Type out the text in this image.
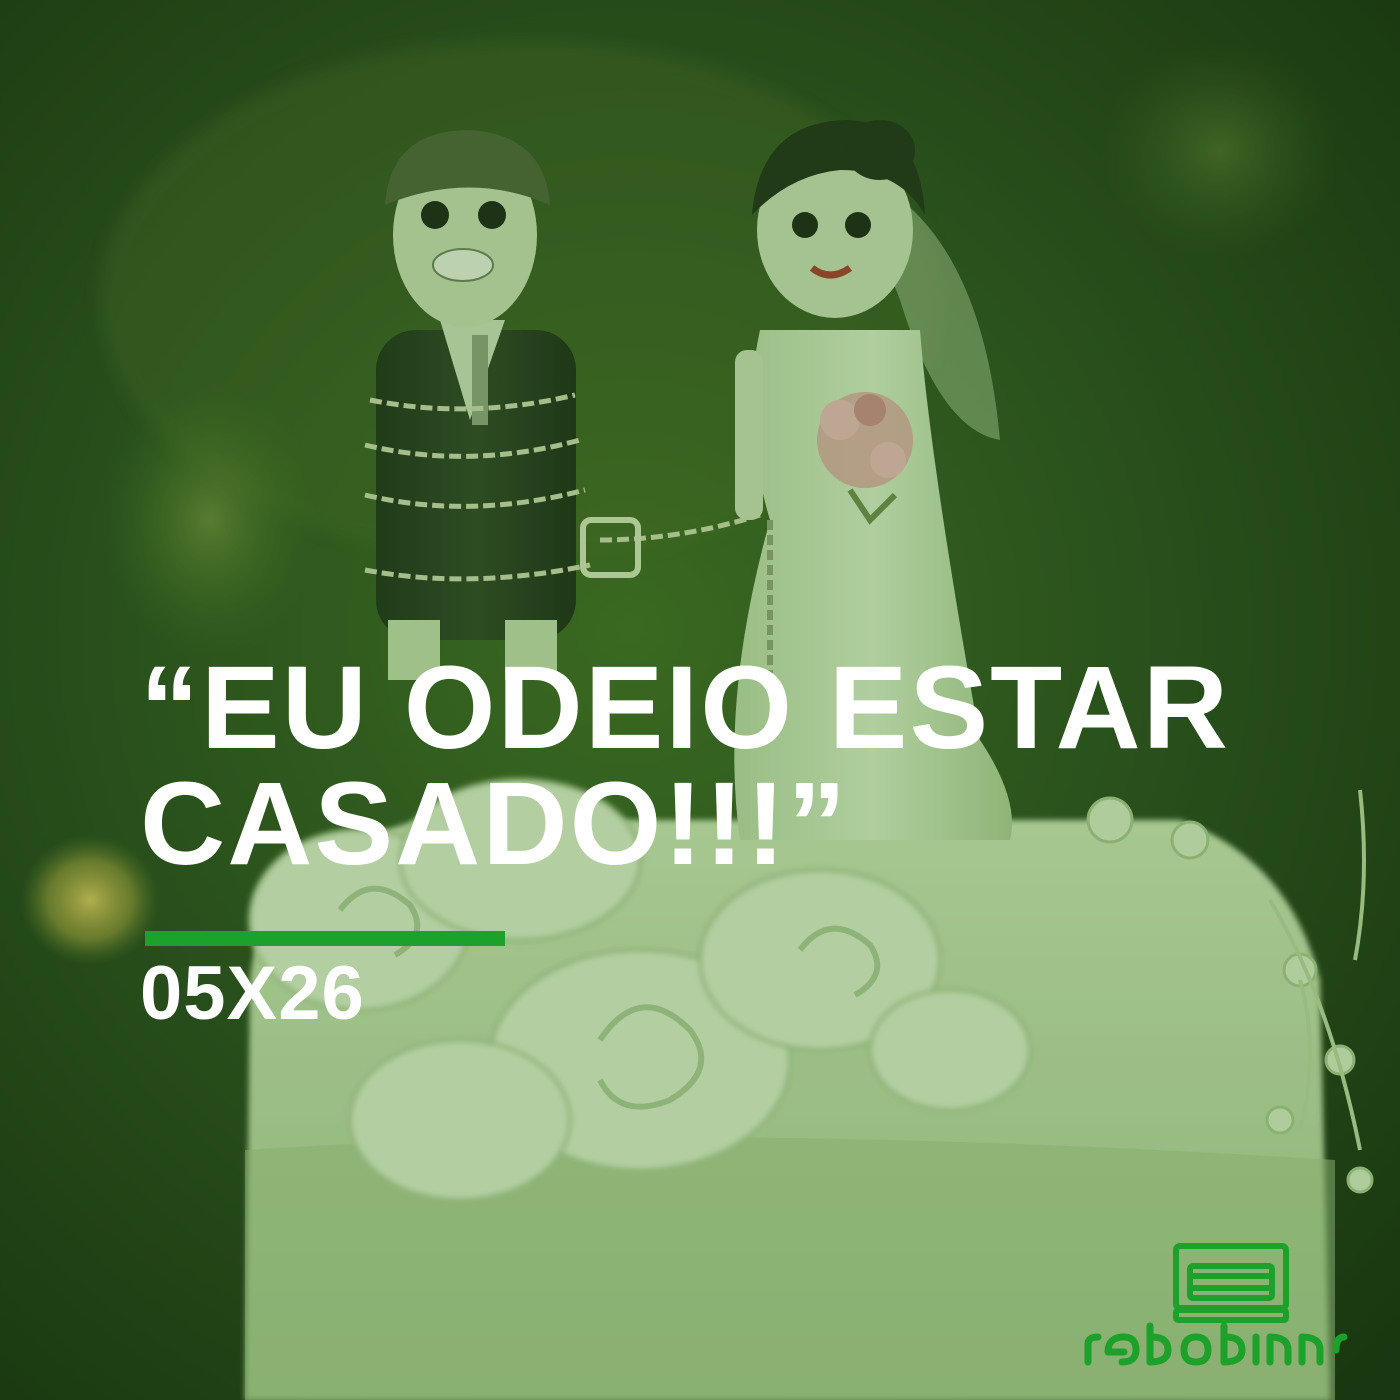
“EU ODEIO ESTAR
CASADO!!!”
05X26
